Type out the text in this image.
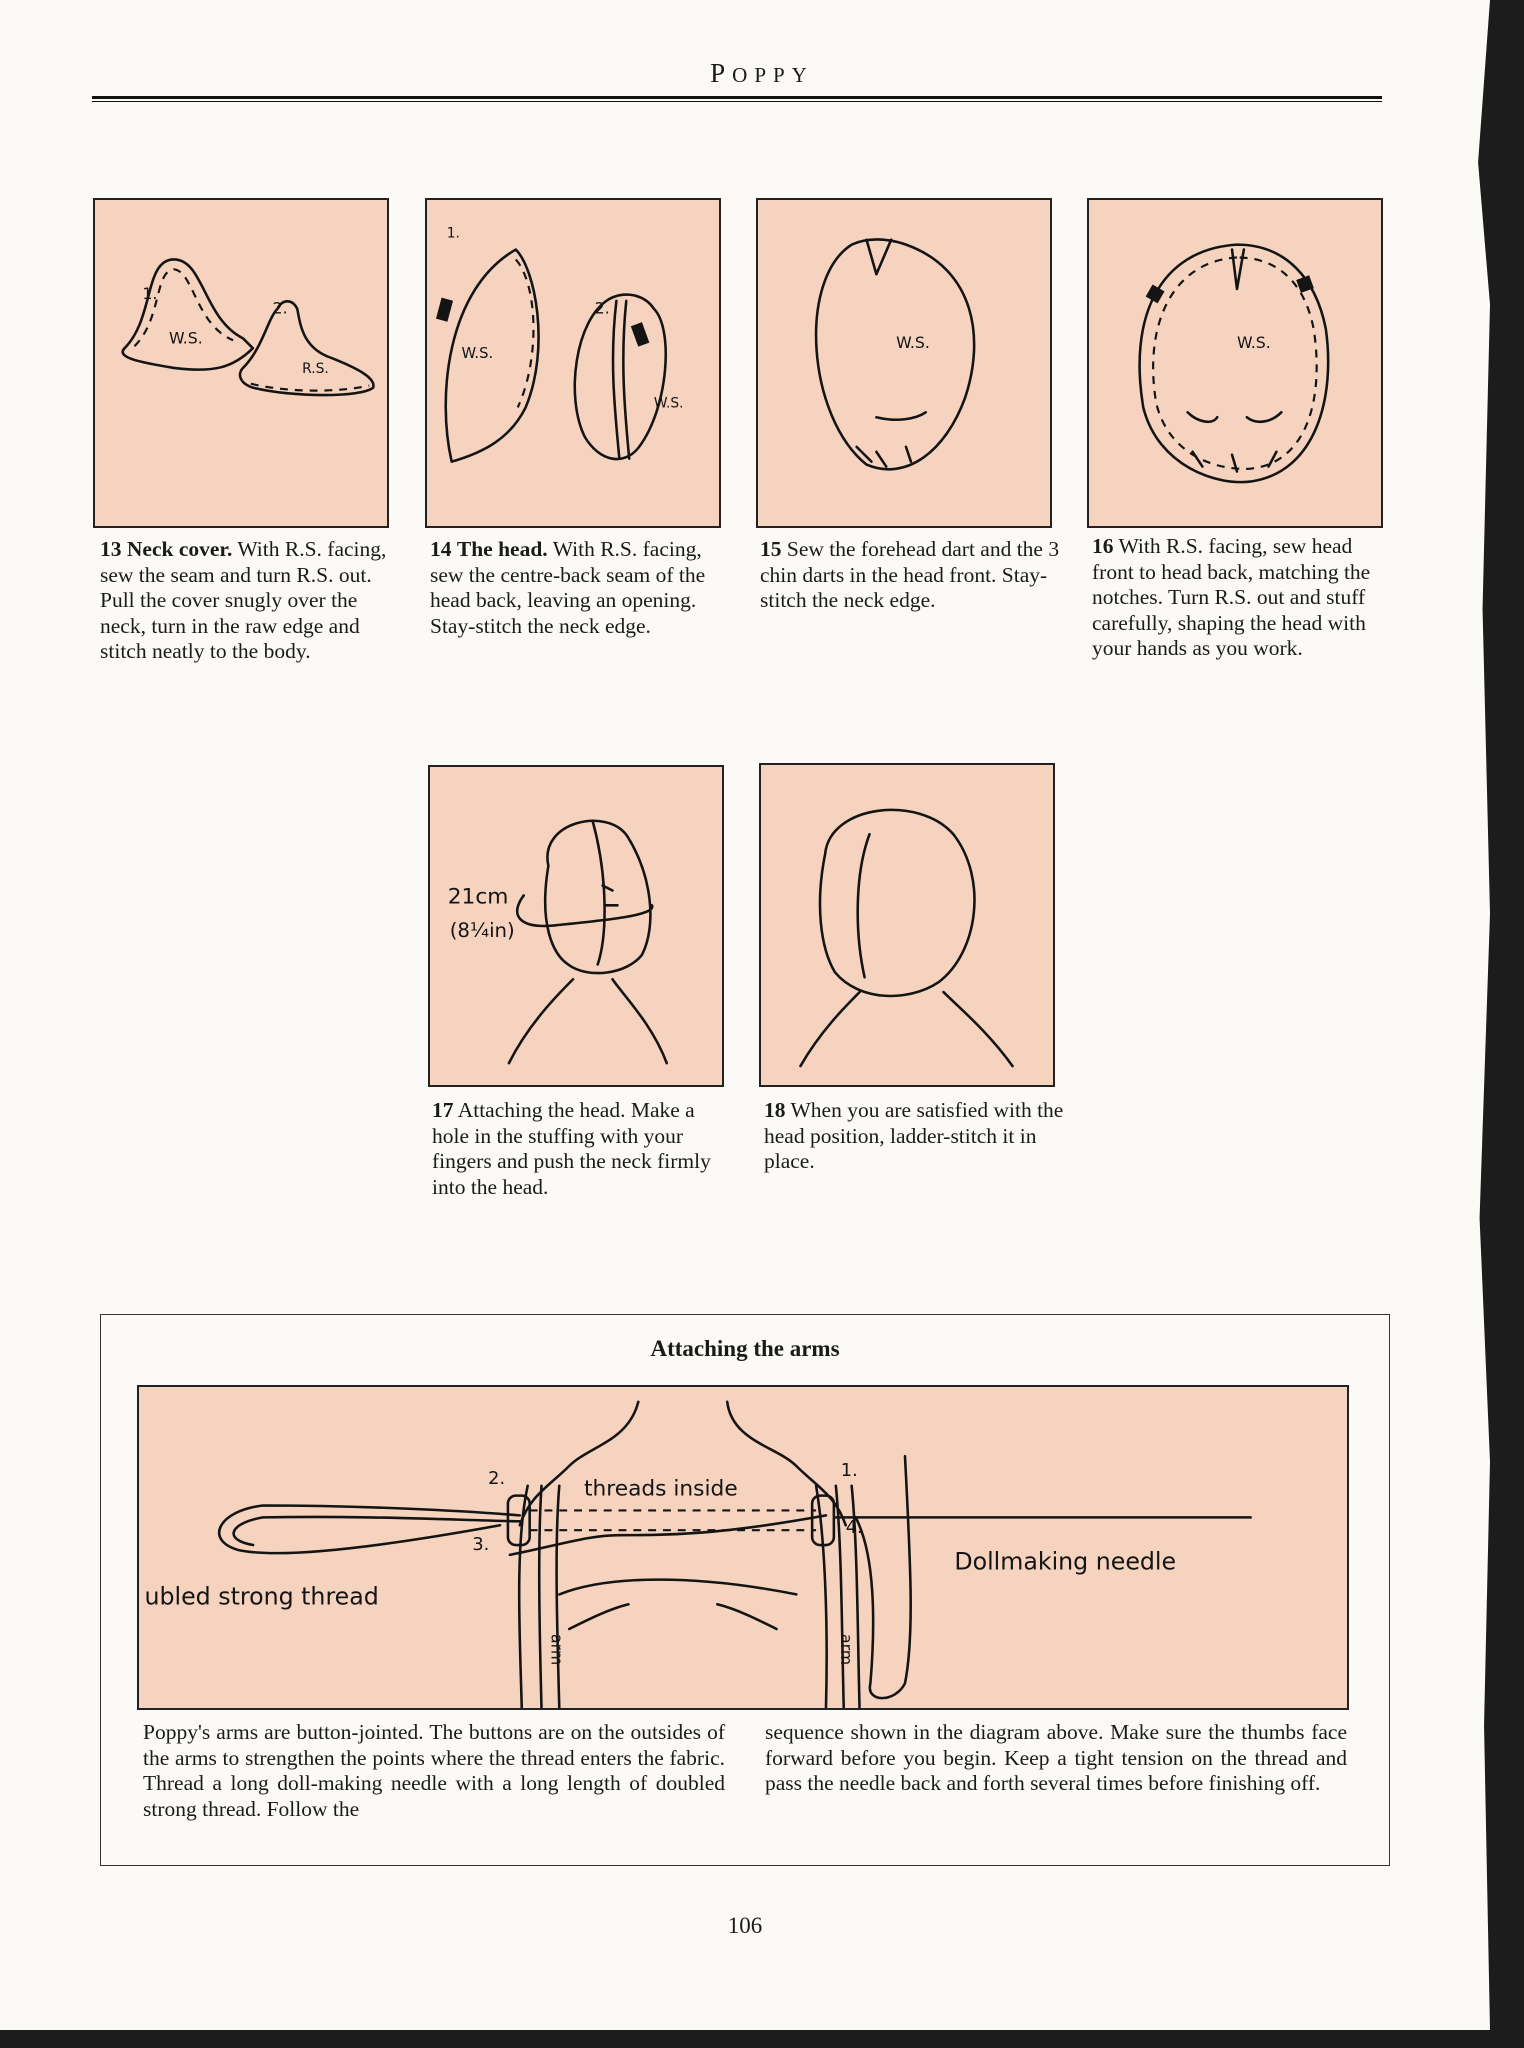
POPPY
1.
2.
W.S.
R.S.
13 Neck cover. With R.S. facing, sew the seam and turn R.S. out. Pull the cover snugly over the neck, turn in the raw edge and stitch neatly to the body.
1.
2.
W.S.
W.S.
14 The head. With R.S. facing, sew the centre-back seam of the head back, leaving an opening. Stay-stitch the neck edge.
W.S.
15 Sew the forehead dart and the 3 chin darts in the head front. Stay-stitch the neck edge.
W.S.
16 With R.S. facing, sew head front to head back, matching the notches. Turn R.S. out and stuff carefully, shaping the head with your hands as you work.
21cm
(8¼in)
17 Attaching the head. Make a hole in the stuffing with your fingers and push the neck firmly into the head.
18 When you are satisfied with the head position, ladder-stitch it in place.
Attaching the arms
threads inside
2.
3.
1.
4.
ubled strong thread
Dollmaking needle
arm	arm
Poppy's arms are button-jointed. The buttons are on the outsides of the arms to strengthen the points where the thread enters the fabric. Thread a long doll-making needle with a long length of doubled strong thread. Follow the
sequence shown in the diagram above. Make sure the thumbs face forward before you begin. Keep a tight tension on the thread and pass the needle back and forth several times before finishing off.
106
